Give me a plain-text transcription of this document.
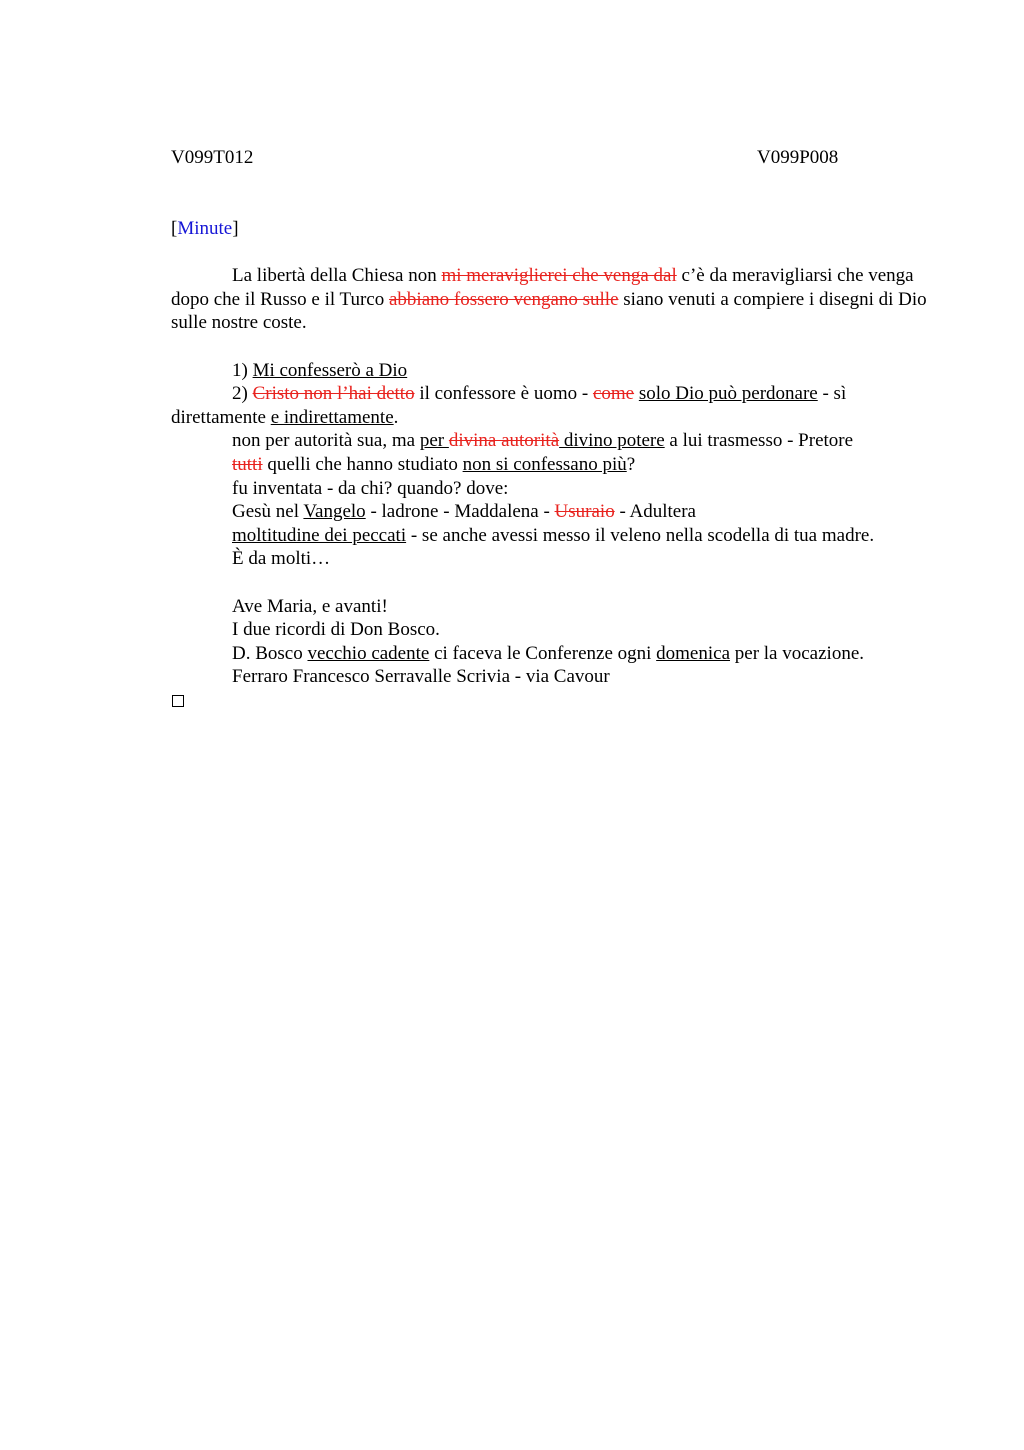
V099T012	V099P008

[Minute]

La libertà della Chiesa non mi meraviglierei che venga dal c’è da meravigliarsi che venga dopo che il Russo e il Turco abbiano fossero vengano sulle siano venuti a compiere i disegni di Dio sulle nostre coste.

1) Mi confesserò a Dio

2) Cristo non l’hai detto il confessore è uomo - come solo Dio può perdonare - sì direttamente e indirettamente.

non per autorità sua, ma per divina autorità divino potere a lui trasmesso - Pretore

tutti quelli che hanno studiato non si confessano più?

fu inventata - da chi? quando? dove:

Gesù nel Vangelo - ladrone - Maddalena - Usuraio - Adultera

moltitudine dei peccati - se anche avessi messo il veleno nella scodella di tua madre.

È da molti…

Ave Maria, e avanti!

I due ricordi di Don Bosco.

D. Bosco vecchio cadente ci faceva le Conferenze ogni domenica per la vocazione.

Ferraro Francesco Serravalle Scrivia - via Cavour
